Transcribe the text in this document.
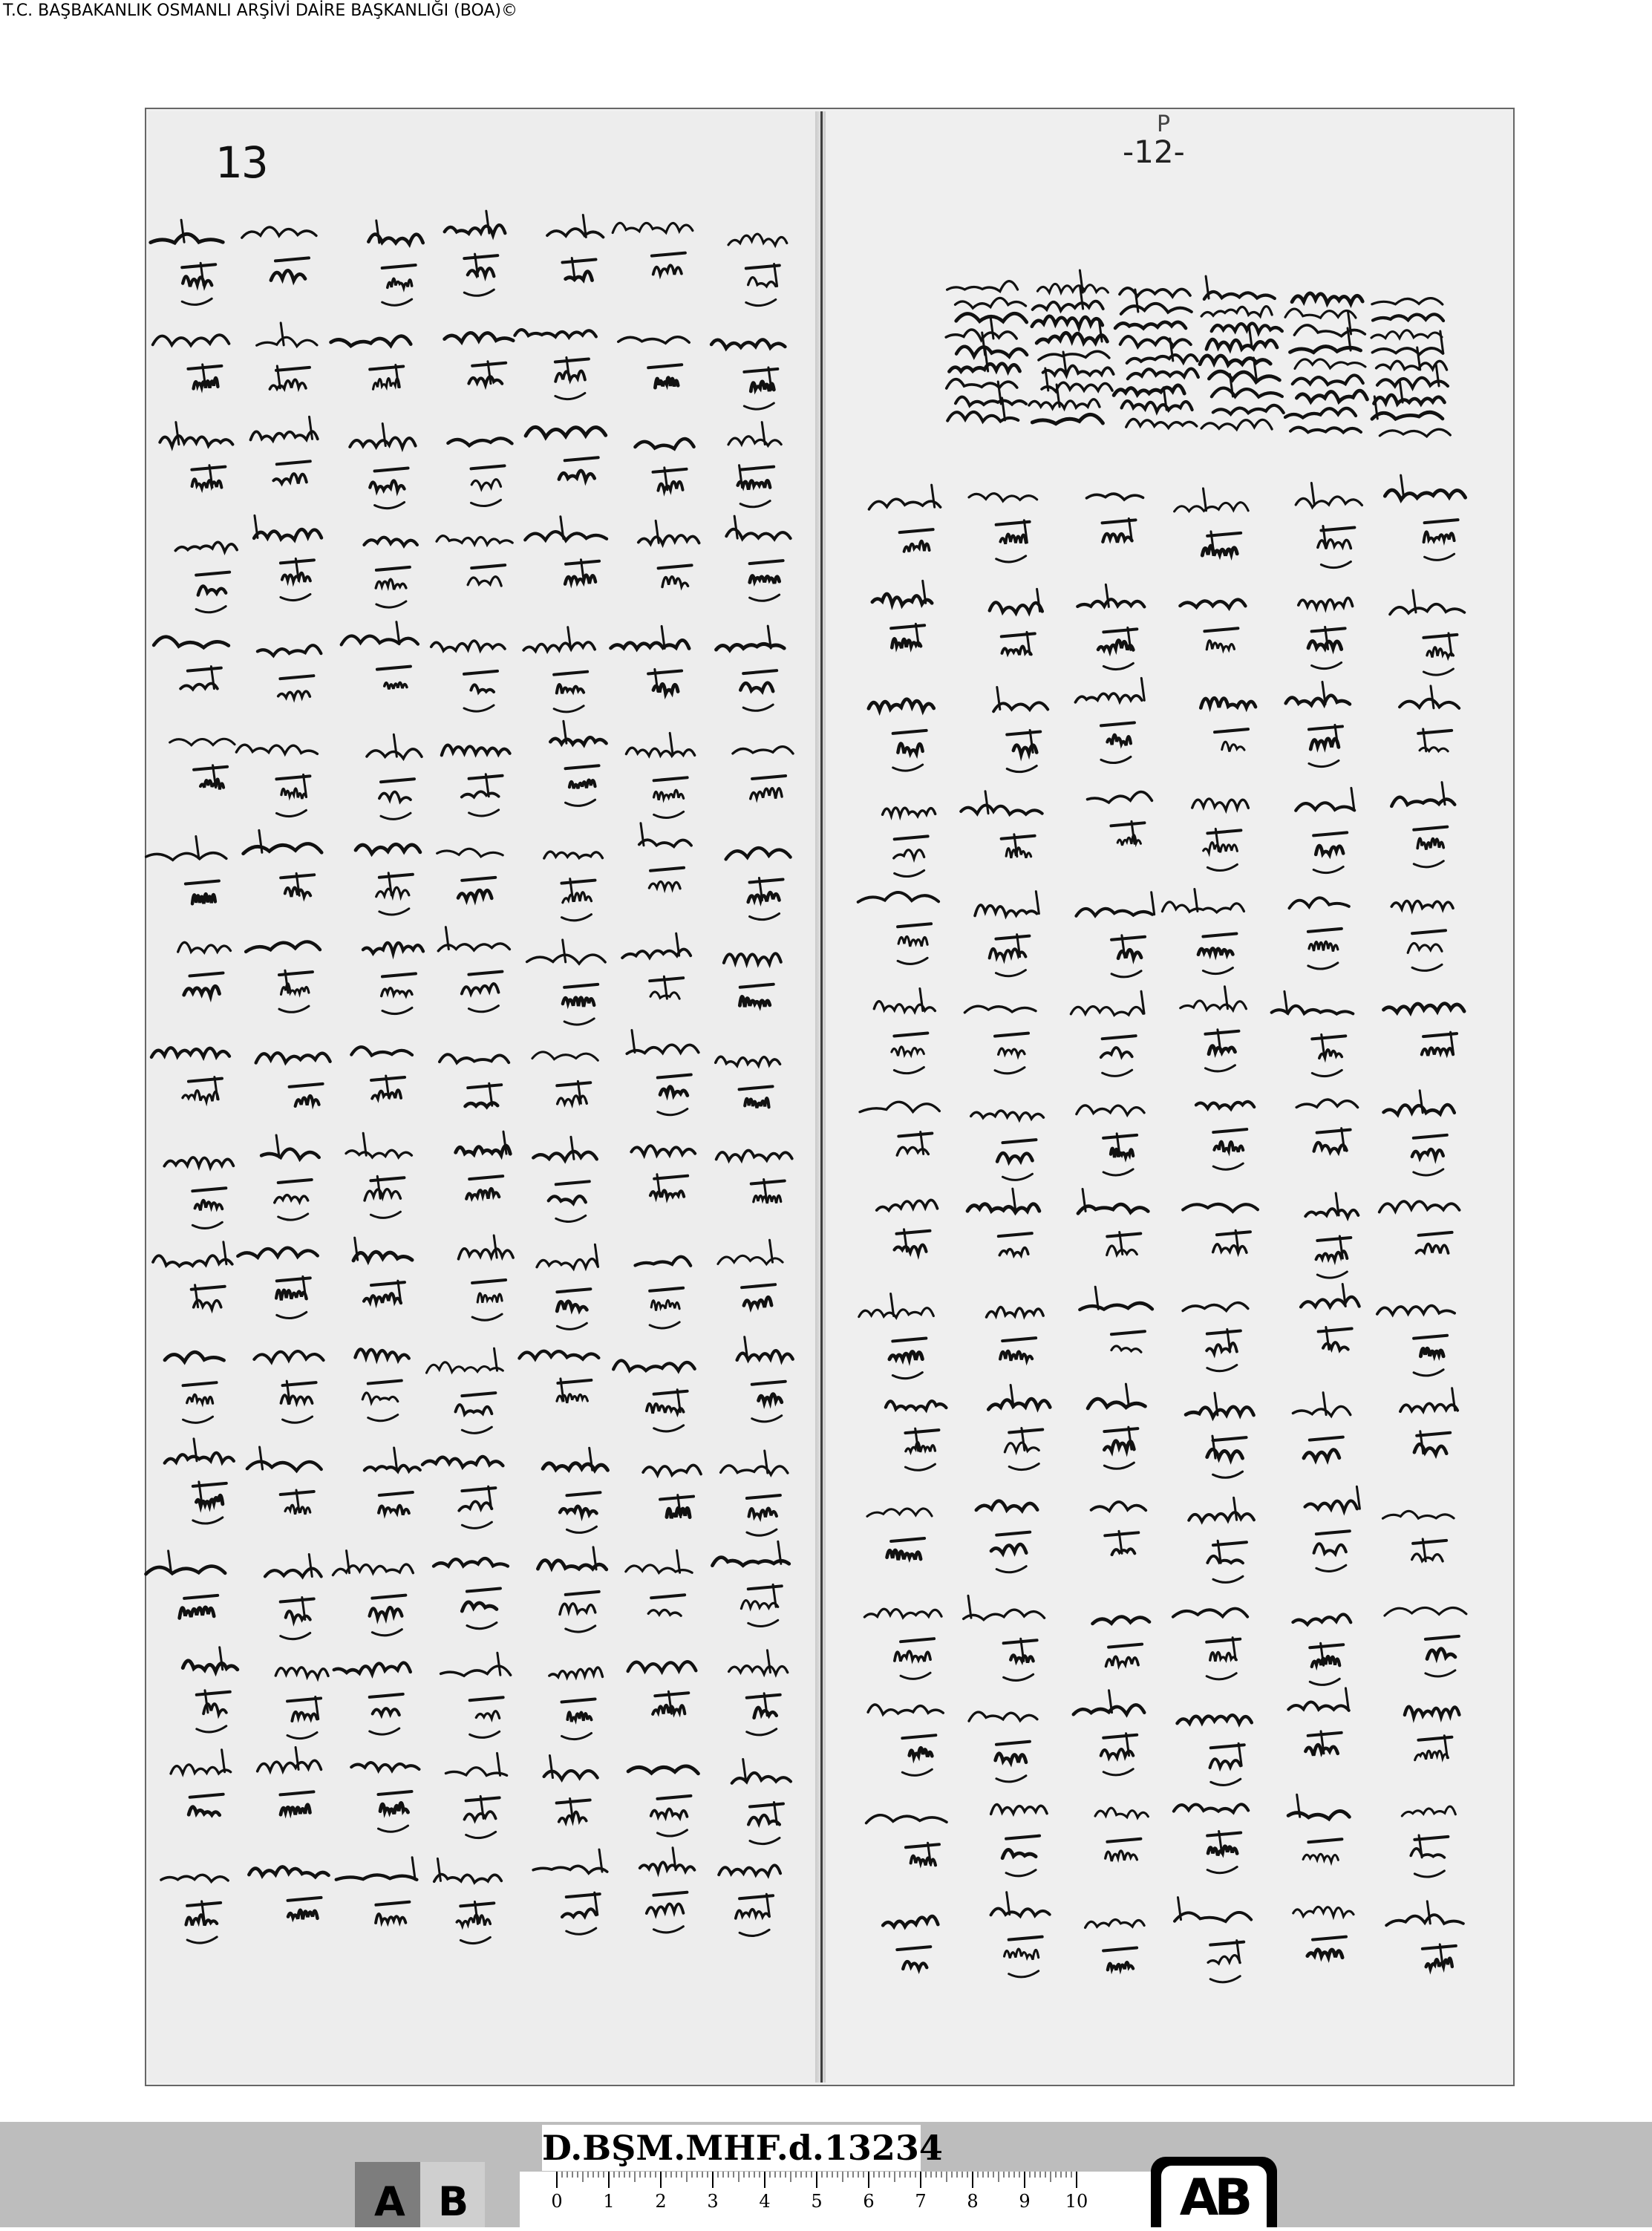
T.C. BAŞBAKANLIK OSMANLI ARŞİVİ DAİRE BAŞKANLIĞI (BOA)©
13
P
-12-
A B	0 1 2 3 4 5 6 7 8 9 10
D.BŞM.MHF.d.13234
AB
